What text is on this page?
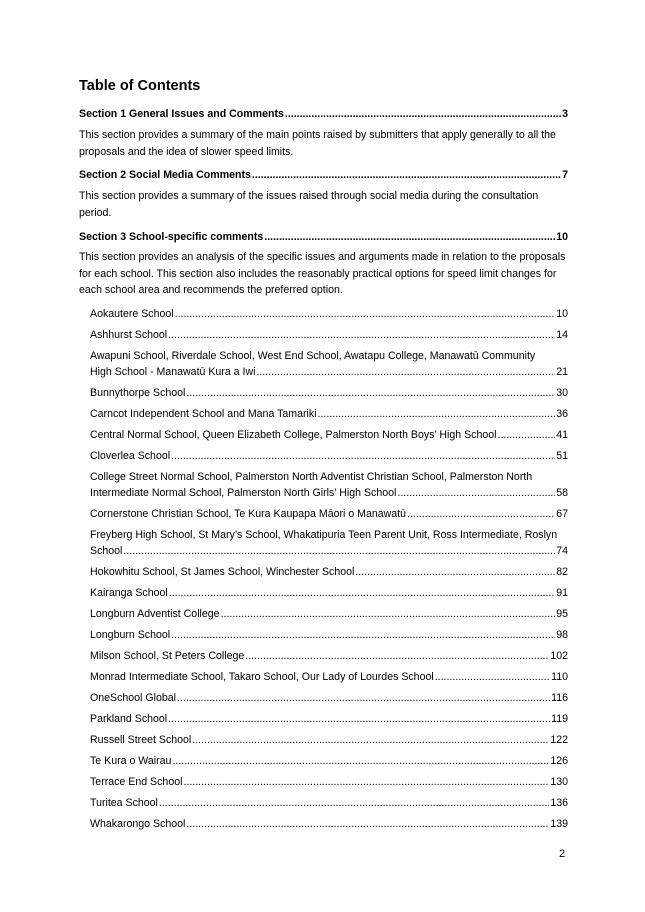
Table of Contents
Section 1 General Issues and Comments .....	3
This section provides a summary of the main points raised by submitters that apply generally to all the proposals and the idea of slower speed limits.
Section 2 Social Media Comments .....	7
This section provides a summary of the issues raised through social media during the consultation period.
Section 3 School-specific comments .....	10
This section provides an analysis of the specific issues and arguments made in relation to the proposals for each school. This section also includes the reasonably practical options for speed limit changes for each school area and recommends the preferred option.
Aokautere School .....	10
Ashhurst School .....	14
Awapuni School, Riverdale School, West End School, Awatapu College, Manawatū Community
High School - Manawatū Kura a Iwi .....	21
Bunnythorpe School .....	30
Carncot Independent School and Mana Tamariki .....	36
Central Normal School, Queen Elizabeth College, Palmerston North Boys’ High School .....	41
Cloverlea School .....	51
College Street Normal School, Palmerston North Adventist Christian School, Palmerston North
Intermediate Normal School, Palmerston North Girls’ High School .....	58
Cornerstone Christian School, Te Kura Kaupapa Māori o Manawatū .....	67
Freyberg High School, St Mary’s School, Whakatipuria Teen Parent Unit, Ross Intermediate, Roslyn
School .....	74
Hokowhitu School, St James School, Winchester School .....	82
Kairanga School .....	91
Longburn Adventist College .....	95
Longburn School .....	98
Milson School, St Peters College .....	102
Monrad Intermediate School, Takaro School, Our Lady of Lourdes School .....	110
OneSchool Global .....	116
Parkland School .....	119
Russell Street School .....	122
Te Kura o Wairau .....	126
Terrace End School .....	130
Turitea School .....	136
Whakarongo School .....	139
2
